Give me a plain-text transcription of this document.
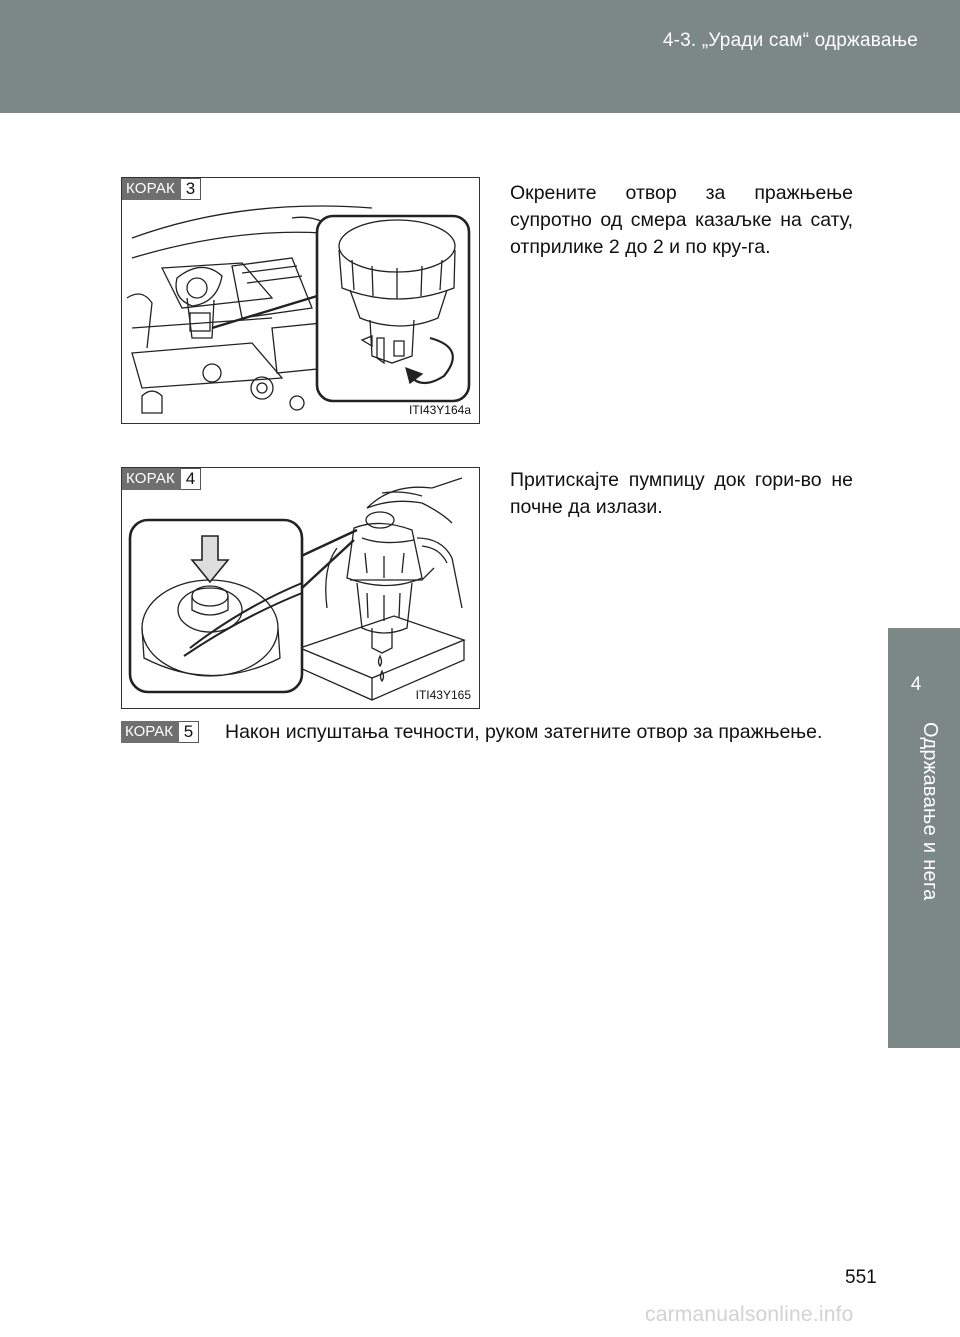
4-3. „Уради сам“ одржавање
4
Одржавање и нега
КОРАК 3
ITI43Y164a
Окрените отвор за пражњење супротно од смера казаљке на сату, отприлике 2 до 2 и по кру-га.
КОРАК 4
ITI43Y165
Притискајте пумпицу док гори-во не почне да излази.
КОРАК 5 Након испуштања течности, руком затегните отвор за пражњење.
551
carmanualsonline.info
